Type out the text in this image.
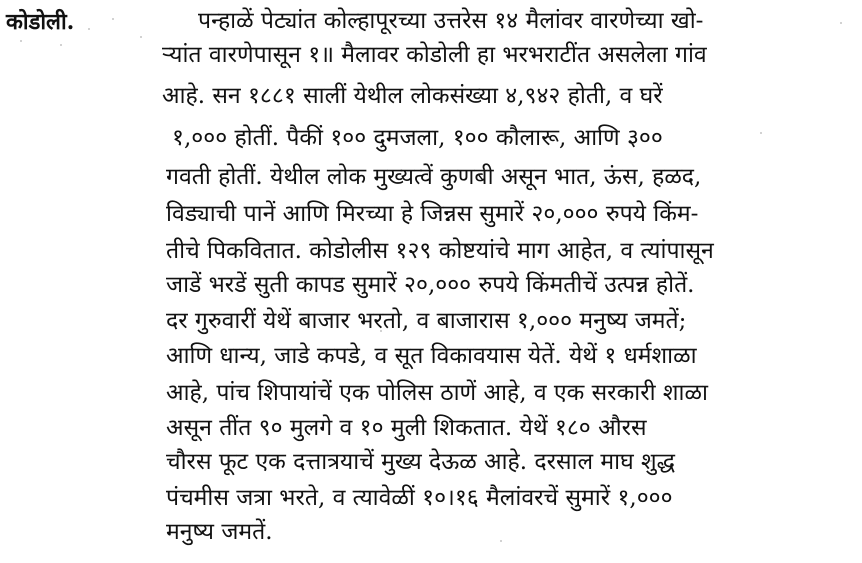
कोडोली.	पन्हाळें पेट्यांत कोल्हापूरच्या उत्तरेस १४ मैलांवर वारणेच्या खो-
ऱ्यांत वारणेपासून १॥ मैलावर कोडोली हा भरभराटींत असलेला गांव
आहे. सन १८८१ सालीं येथील लोकसंख्या ४,९४२ होती, व घरें
१,००० होतीं. पैकीं १०० दुमजला, १०० कौलारू, आणि ३००
गवती होतीं. येथील लोक मुख्यत्वें कुणबी असून भात, ऊंस, हळद,
विड्याची पानें आणि मिरच्या हे जिन्नस सुमारें २०,००० रुपये किंम-
तीचे पिकवितात. कोडोलीस १२९ कोष्टयांचे माग आहेत, व त्यांपासून
जाडें भरडें सुती कापड सुमारें २०,००० रुपये किंमतीचें उत्पन्न होतें.
दर गुरुवारीं येथें बाजार भरतो, व बाजारास १,००० मनुष्य जमतें;
आणि धान्य, जाडे कपडे, व सूत विकावयास येतें. येथें १ धर्मशाळा
आहे, पांच शिपायांचें एक पोलिस ठाणें आहे, व एक सरकारी शाळा
असून तींत ९० मुलगे व १० मुली शिकतात. येथें १८० औरस
चौरस फूट एक दत्तात्रयाचें मुख्य देऊळ आहे. दरसाल माघ शुद्ध
पंचमीस जत्रा भरते, व त्यावेळीं १०।१६ मैलांवरचें सुमारें १,०००
मनुष्य जमतें.
